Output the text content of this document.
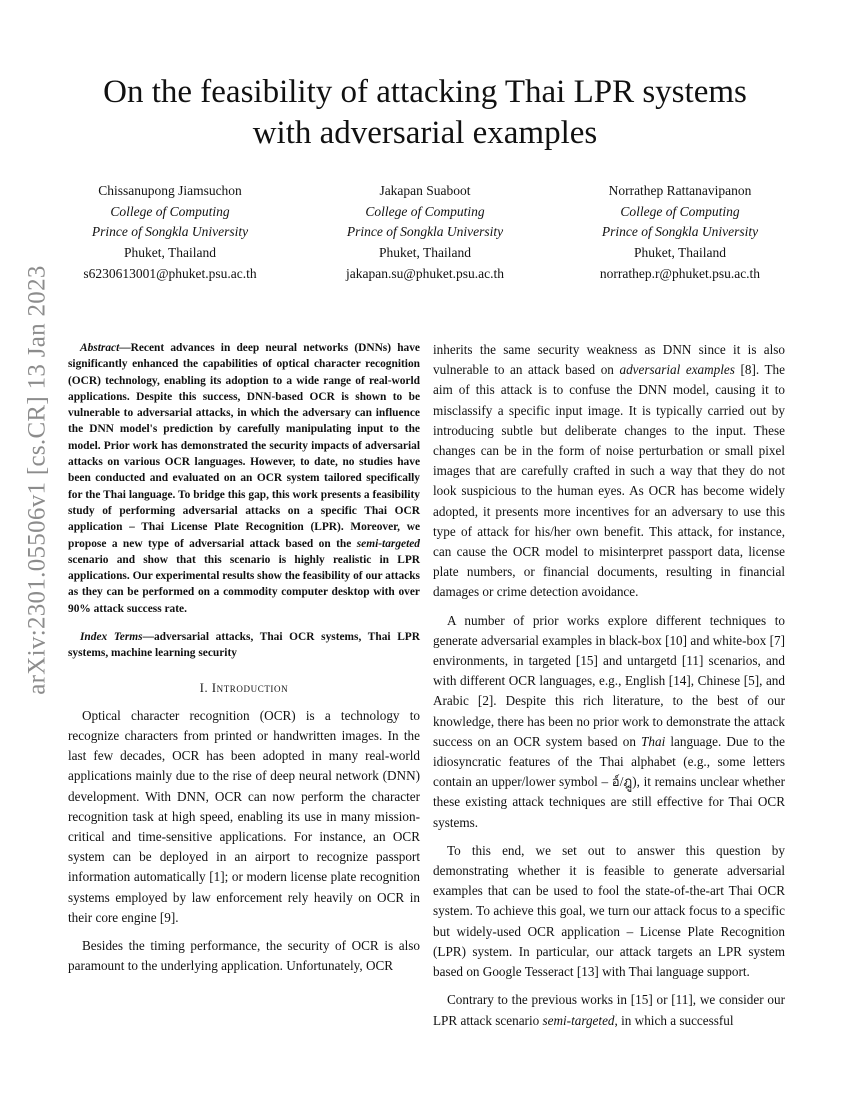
arXiv:2301.05506v1 [cs.CR] 13 Jan 2023
On the feasibility of attacking Thai LPR systems
with adversarial examples
Chissanupong Jiamsuchon
College of Computing
Prince of Songkla University
Phuket, Thailand
s6230613001@phuket.psu.ac.th
Jakapan Suaboot
College of Computing
Prince of Songkla University
Phuket, Thailand
jakapan.su@phuket.psu.ac.th
Norrathep Rattanavipanon
College of Computing
Prince of Songkla University
Phuket, Thailand
norrathep.r@phuket.psu.ac.th

Abstract—Recent advances in deep neural networks (DNNs) have significantly enhanced the capabilities of optical character recognition (OCR) technology, enabling its adoption to a wide range of real-world applications. Despite this success, DNN-based OCR is shown to be vulnerable to adversarial attacks, in which the adversary can influence the DNN model's prediction by carefully manipulating input to the model. Prior work has demonstrated the security impacts of adversarial attacks on various OCR languages. However, to date, no studies have been conducted and evaluated on an OCR system tailored specifically for the Thai language. To bridge this gap, this work presents a feasibility study of performing adversarial attacks on a specific Thai OCR application – Thai License Plate Recognition (LPR). Moreover, we propose a new type of adversarial attack based on the semi-targeted scenario and show that this scenario is highly realistic in LPR applications. Our experimental results show the feasibility of our attacks as they can be performed on a commodity computer desktop with over 90% attack success rate.

Index Terms—adversarial attacks, Thai OCR systems, Thai LPR systems, machine learning security

I. Introduction

Optical character recognition (OCR) is a technology to recognize characters from printed or handwritten images. In the last few decades, OCR has been adopted in many real-world applications mainly due to the rise of deep neural network (DNN) development. With DNN, OCR can now perform the character recognition task at high speed, enabling its use in many mission-critical and time-sensitive applications. For instance, an OCR system can be deployed in an airport to recognize passport information automatically [1]; or modern license plate recognition systems employed by law enforcement rely heavily on OCR in their core engine [9].

Besides the timing performance, the security of OCR is also paramount to the underlying application. Unfortunately, OCR

inherits the same security weakness as DNN since it is also vulnerable to an attack based on adversarial examples [8]. The aim of this attack is to confuse the DNN model, causing it to misclassify a specific input image. It is typically carried out by introducing subtle but deliberate changes to the input. These changes can be in the form of noise perturbation or small pixel images that are carefully crafted in such a way that they do not look suspicious to the human eyes. As OCR has become widely adopted, it presents more incentives for an adversary to use this type of attack for his/her own benefit. This attack, for instance, can cause the OCR model to misinterpret passport data, license plate numbers, or financial documents, resulting in financial damages or crime detection avoidance.

A number of prior works explore different techniques to generate adversarial examples in black-box [10] and white-box [7] environments, in targeted [15] and untargetd [11] scenarios, and with different OCR languages, e.g., English [14], Chinese [5], and Arabic [2]. Despite this rich literature, to the best of our knowledge, there has been no prior work to demonstrate the attack success on an OCR system based on Thai language. Due to the idiosyncratic features of the Thai alphabet (e.g., some letters contain an upper/lower symbol – อ์/ฎู), it remains unclear whether these existing attack techniques are still effective for Thai OCR systems.

To this end, we set out to answer this question by demonstrating whether it is feasible to generate adversarial examples that can be used to fool the state-of-the-art Thai OCR system. To achieve this goal, we turn our attack focus to a specific but widely-used OCR application – License Plate Recognition (LPR) system. In particular, our attack targets an LPR system based on Google Tesseract [13] with Thai language support.

Contrary to the previous works in [15] or [11], we consider our LPR attack scenario semi-targeted, in which a successful
